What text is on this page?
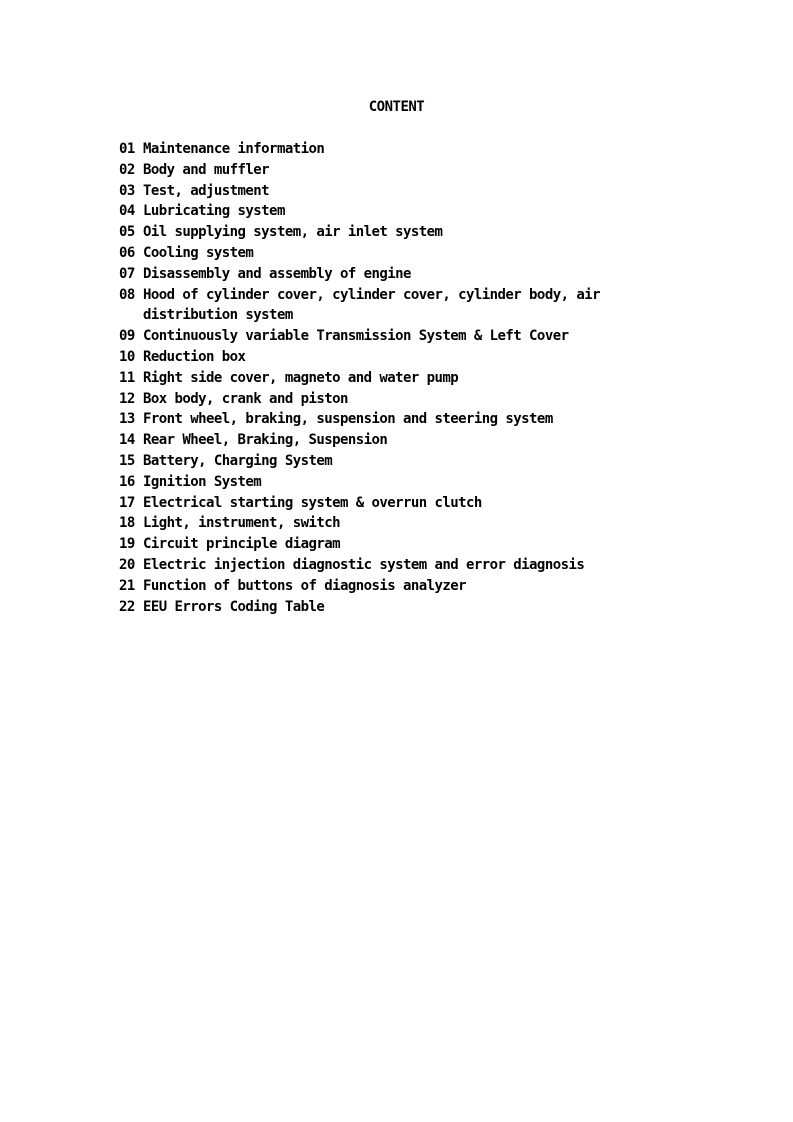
CONTENT
01 Maintenance information
02 Body and muffler
03 Test, adjustment
04 Lubricating system
05 Oil supplying system, air inlet system
06 Cooling system
07 Disassembly and assembly of engine
08 Hood of cylinder cover, cylinder cover, cylinder body, air distribution system
09 Continuously variable Transmission System & Left Cover
10 Reduction box
11 Right side cover, magneto and water pump
12 Box body, crank and piston
13 Front wheel, braking, suspension and steering system
14 Rear Wheel, Braking, Suspension
15 Battery, Charging System
16 Ignition System
17 Electrical starting system & overrun clutch
18 Light, instrument, switch
19 Circuit principle diagram
20 Electric injection diagnostic system and error diagnosis
21 Function of buttons of diagnosis analyzer
22 EEU Errors Coding Table
